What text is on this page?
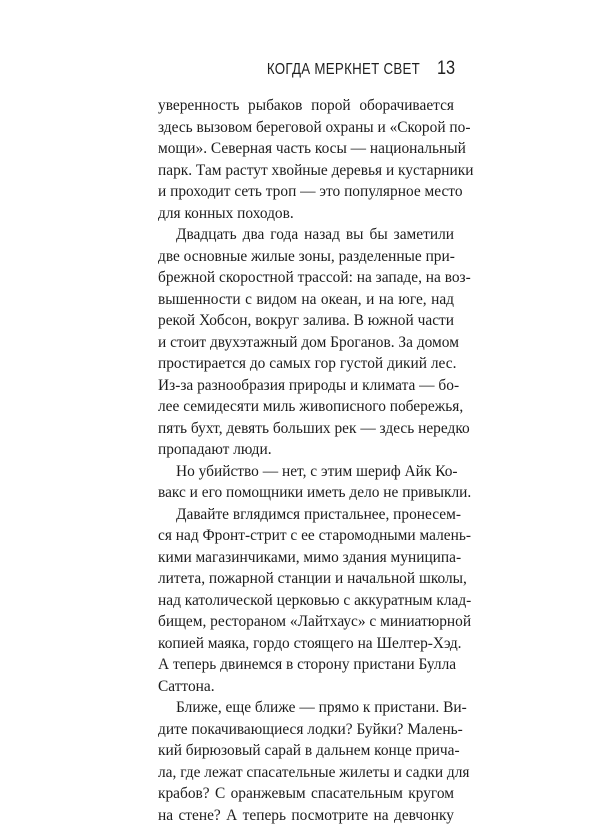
КОГДА МЕРКНЕТ СВЕТ 13
уверенность рыбаков порой оборачивается
здесь вызовом береговой охраны и «Скорой по-
мощи». Северная часть косы — национальный
парк. Там растут хвойные деревья и кустарники
и проходит сеть троп — это популярное место
для конных походов.
Двадцать два года назад вы бы заметили
две основные жилые зоны, разделенные при-
брежной скоростной трассой: на западе, на воз-
вышенности с видом на океан, и на юге, над
рекой Хобсон, вокруг залива. В южной части
и стоит двухэтажный дом Броганов. За домом
простирается до самых гор густой дикий лес.
Из-за разнообразия природы и климата — бо-
лее семидесяти миль живописного побережья,
пять бухт, девять больших рек — здесь нередко
пропадают люди.
Но убийство — нет, с этим шериф Айк Ко-
вакс и его помощники иметь дело не привыкли.
Давайте вглядимся пристальнее, пронесем-
ся над Фронт-стрит с ее старомодными малень-
кими магазинчиками, мимо здания муниципа-
литета, пожарной станции и начальной школы,
над католической церковью с аккуратным клад-
бищем, рестораном «Лайтхаус» с миниатюрной
копией маяка, гордо стоящего на Шелтер-Хэд.
А теперь двинемся в сторону пристани Булла
Саттона.
Ближе, еще ближе — прямо к пристани. Ви-
дите покачивающиеся лодки? Буйки? Малень-
кий бирюзовый сарай в дальнем конце прича-
ла, где лежат спасательные жилеты и садки для
крабов? С оранжевым спасательным кругом
на стене? А теперь посмотрите на девчонку
